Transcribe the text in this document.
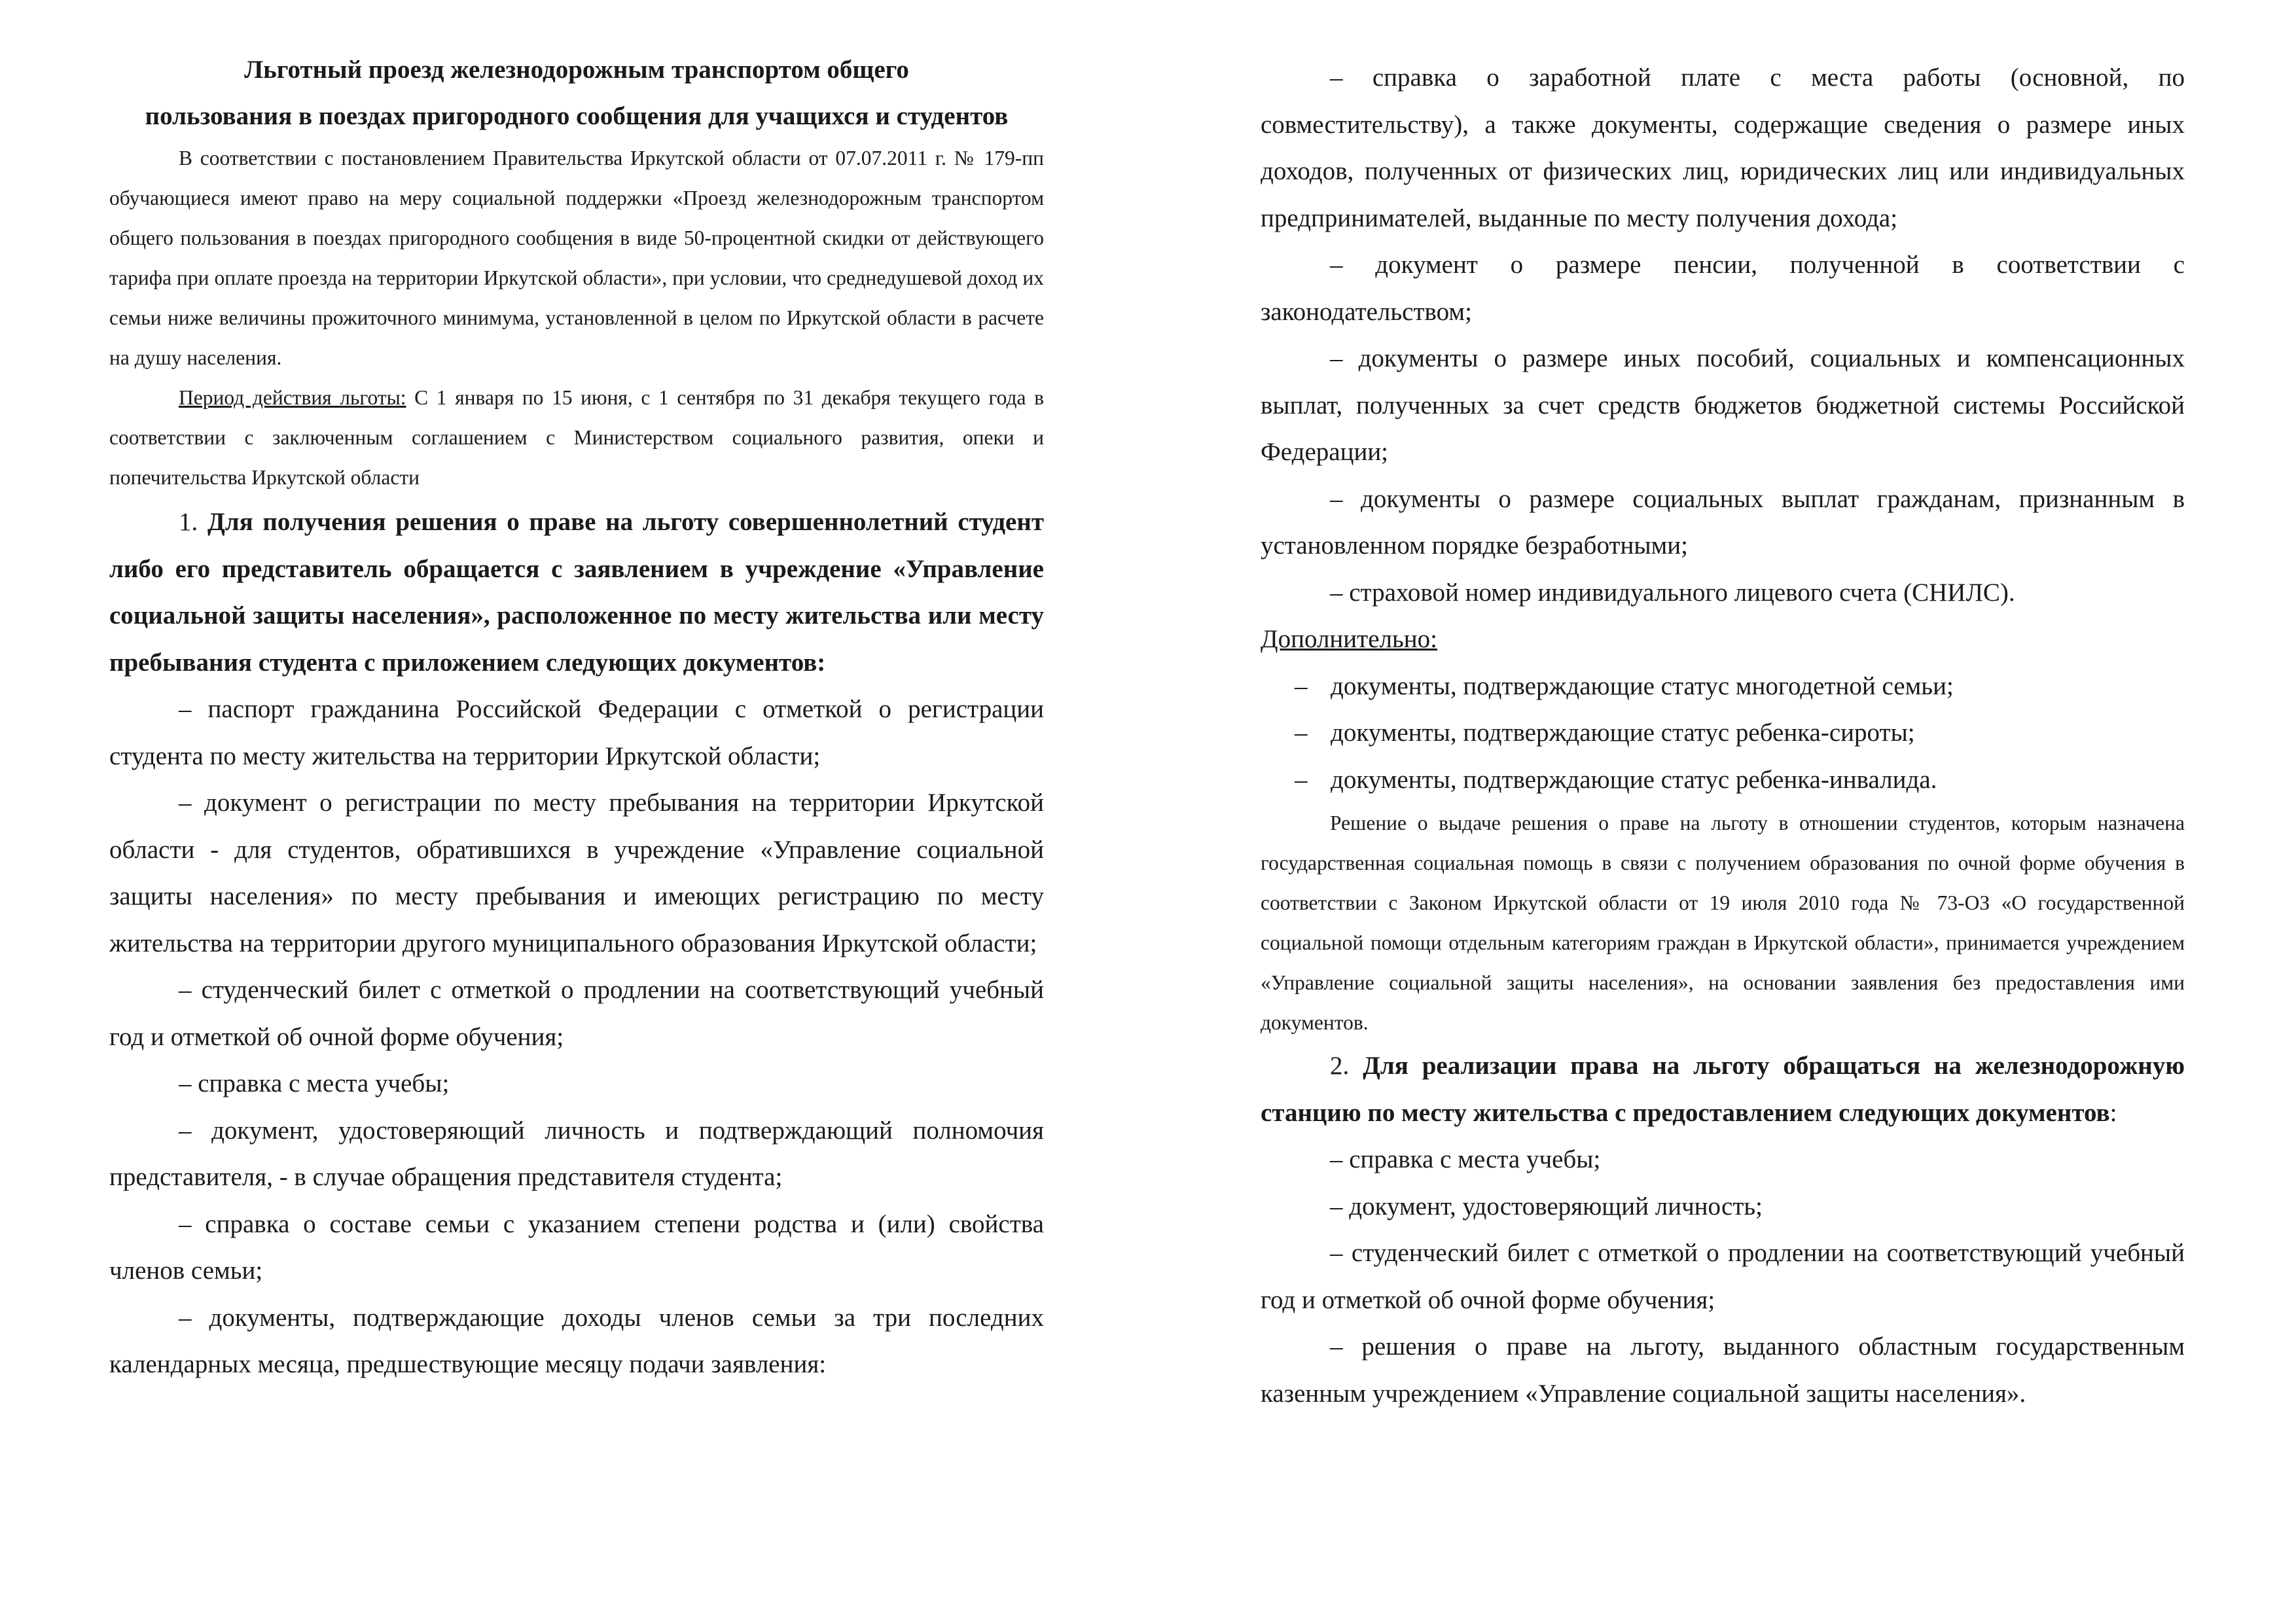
Льготный проезд железнодорожным транспортом общего

пользования в поездах пригородного сообщения для учащихся и студентов

В соответствии с постановлением Правительства Иркутской области от 07.07.2011 г. № 179-пп обучающиеся имеют право на меру социальной поддержки «Проезд железнодорожным транспортом общего пользования в поездах пригородного сообщения в виде 50-процентной скидки от действующего тарифа при оплате проезда на территории Иркутской области», при условии, что среднедушевой доход их семьи ниже величины прожиточного минимума, установленной в целом по Иркутской области в расчете на душу населения.

Период действия льготы: С 1 января по 15 июня, с 1 сентября по 31 декабря текущего года в соответствии с заключенным соглашением с Министерством социального развития, опеки и попечительства Иркутской области

1. Для получения решения о праве на льготу совершеннолетний студент либо его представитель обращается с заявлением в учреждение «Управление социальной защиты населения», расположенное по месту жительства или месту пребывания студента с приложением следующих документов:

– паспорт гражданина Российской Федерации с отметкой о регистрации студента по месту жительства на территории Иркутской области;

– документ о регистрации по месту пребывания на территории Иркутской области - для студентов, обратившихся в учреждение «Управление социальной защиты населения» по месту пребывания и имеющих регистрацию по месту жительства на территории другого муниципального образования Иркутской области;

– студенческий билет с отметкой о продлении на соответствующий учебный год и отметкой об очной форме обучения;

– справка с места учебы;

– документ, удостоверяющий личность и подтверждающий полномочия представителя, - в случае обращения представителя студента;

– справка о составе семьи с указанием степени родства и (или) свойства членов семьи;

– документы, подтверждающие доходы членов семьи за три последних календарных месяца, предшествующие месяцу подачи заявления:

– справка о заработной плате с места работы (основной, по совместительству), а также документы, содержащие сведения о размере иных доходов, полученных от физических лиц, юридических лиц или индивидуальных предпринимателей, выданные по месту получения дохода;

– документ о размере пенсии, полученной в соответствии с законодательством;

– документы о размере иных пособий, социальных и компенсационных выплат, полученных за счет средств бюджетов бюджетной системы Российской Федерации;

– документы о размере социальных выплат гражданам, признанным в установленном порядке безработными;

– страховой номер индивидуального лицевого счета (СНИЛС).

Дополнительно:

– документы, подтверждающие статус многодетной семьи;
– документы, подтверждающие статус ребенка-сироты;
– документы, подтверждающие статус ребенка-инвалида.

Решение о выдаче решения о праве на льготу в отношении студентов, которым назначена государственная социальная помощь в связи с получением образования по очной форме обучения в соответствии с Законом Иркутской области от 19 июля 2010 года № 73-ОЗ «О государственной социальной помощи отдельным категориям граждан в Иркутской области», принимается учреждением «Управление социальной защиты населения», на основании заявления без предоставления ими документов.

2. Для реализации права на льготу обращаться на железнодорожную станцию по месту жительства с предоставлением следующих документов:

– справка с места учебы;

– документ, удостоверяющий личность;

– студенческий билет с отметкой о продлении на соответствующий учебный год и отметкой об очной форме обучения;

– решения о праве на льготу, выданного областным государственным казенным учреждением «Управление социальной защиты населения».
